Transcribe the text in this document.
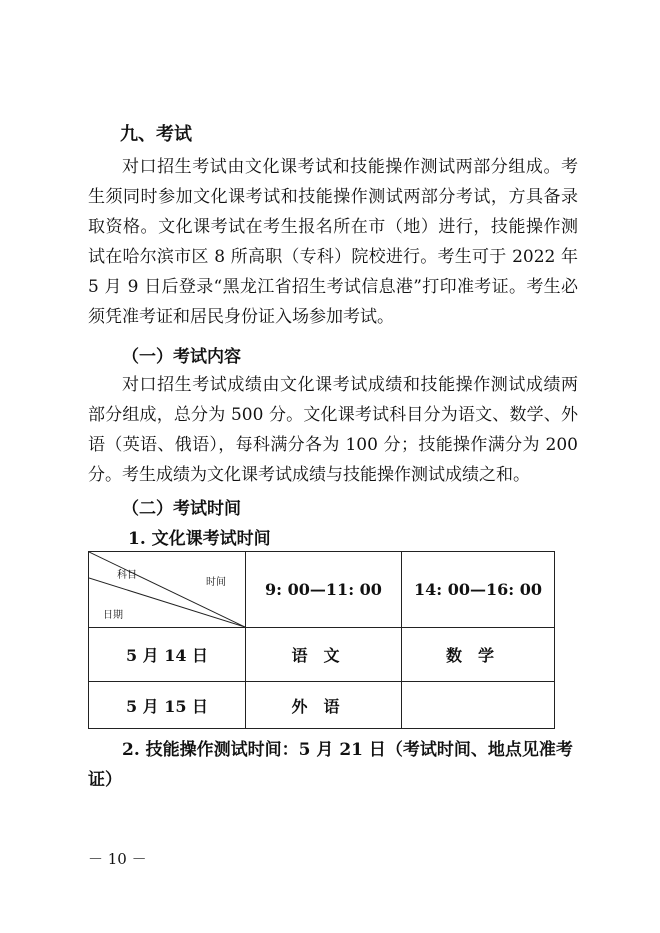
九、考试

对口招生考试由文化课考试和技能操作测试两部分组成。考生须同时参加文化课考试和技能操作测试两部分考试，方具备录取资格。文化课考试在考生报名所在市（地）进行，技能操作测试在哈尔滨市区 8 所高职（专科）院校进行。考生可于 2022 年 5 月 9 日后登录“黑龙江省招生考试信息港”打印准考证。考生必须凭准考证和居民身份证入场参加考试。

（一）考试内容

对口招生考试成绩由文化课考试成绩和技能操作测试成绩两部分组成，总分为 500 分。文化课考试科目分为语文、数学、外语（英语、俄语），每科满分各为 100 分；技能操作满分为 200 分。考生成绩为文化课考试成绩与技能操作测试成绩之和。

（二）考试时间
1. 文化课考试时间
科目
时间
日期	9: 00—11: 00	14: 00—16: 00
5 月 14 日	语文	数学
5 月 15 日	外语	

2. 技能操作测试时间：5 月 21 日（考试时间、地点见准考证）

－ 10 －
